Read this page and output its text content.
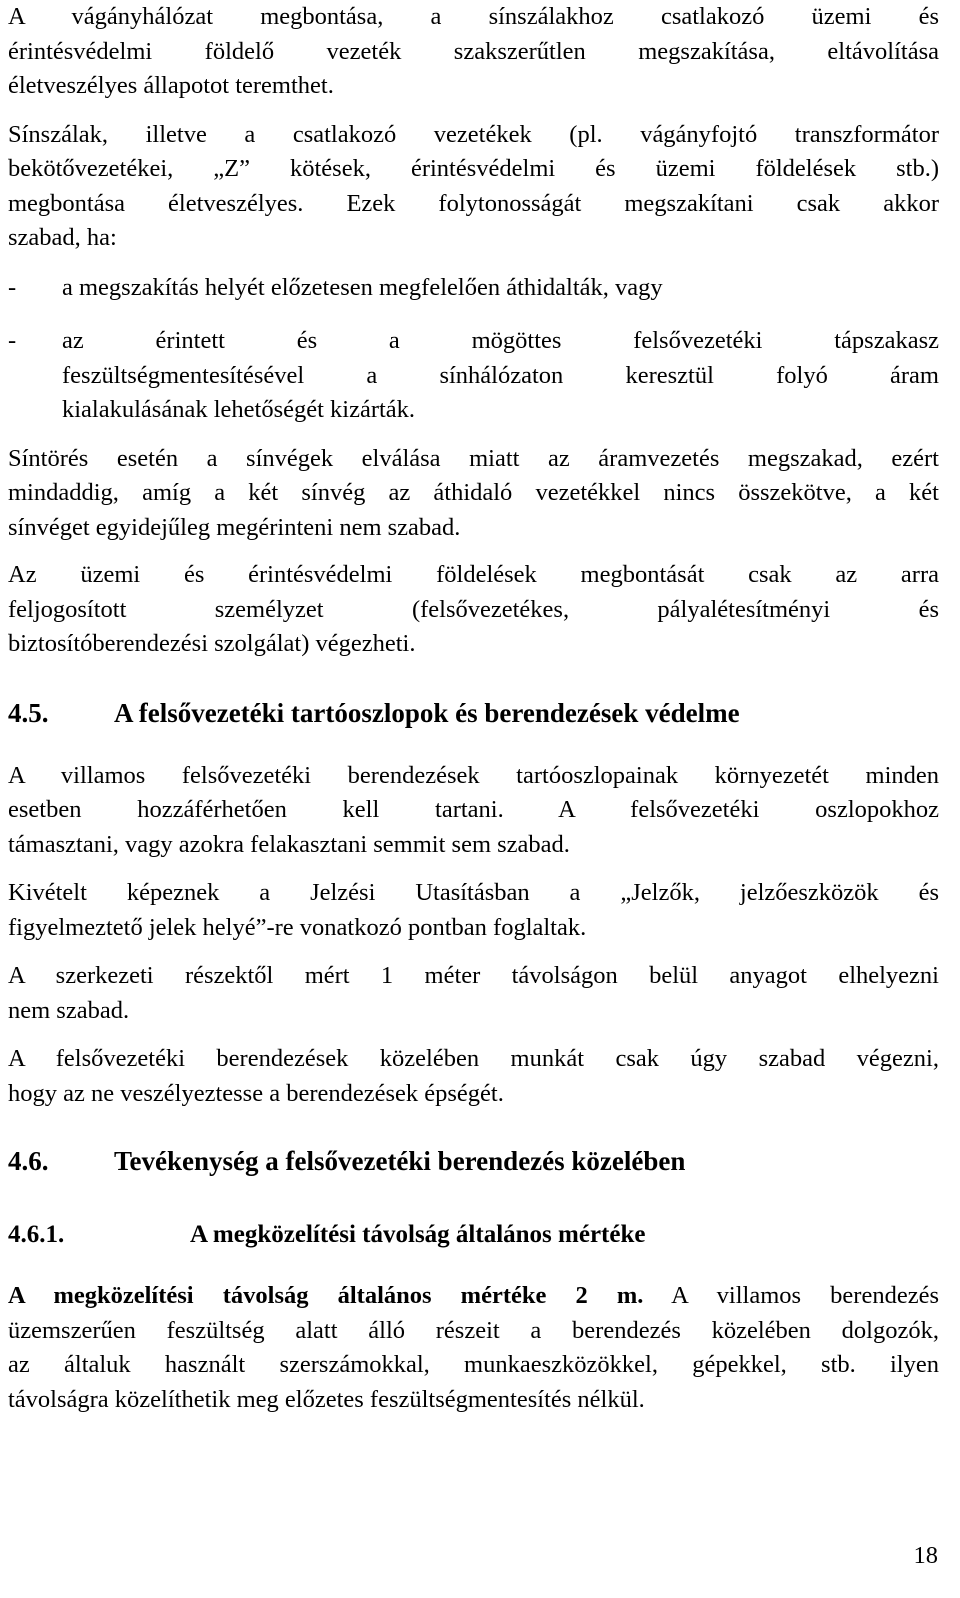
A vágányhálózat megbontása, a sínszálakhoz csatlakozó üzemi és
érintésvédelmi földelő vezeték szakszerűtlen megszakítása, eltávolítása
életveszélyes állapotot teremthet.

Sínszálak, illetve a csatlakozó vezetékek (pl. vágányfojtó transzformátor
bekötővezetékei, „Z” kötések, érintésvédelmi és üzemi földelések stb.)
megbontása életveszélyes. Ezek folytonosságát megszakítani csak akkor
szabad, ha:

-	a megszakítás helyét előzetesen megfelelően áthidalták, vagy
-	az érintett és a mögöttes felsővezetéki tápszakasz
feszültségmentesítésével a sínhálózaton keresztül folyó áram
kialakulásának lehetőségét kizárták.

Síntörés esetén a sínvégek elválása miatt az áramvezetés megszakad, ezért
mindaddig, amíg a két sínvég az áthidaló vezetékkel nincs összekötve, a két
sínvéget egyidejűleg megérinteni nem szabad.

Az üzemi és érintésvédelmi földelések megbontását csak az arra
feljogosított személyzet (felsővezetékes, pályalétesítményi és
biztosítóberendezési szolgálat) végezheti.

4.5.	A felsővezetéki tartóoszlopok és berendezések védelme

A villamos felsővezetéki berendezések tartóoszlopainak környezetét minden
esetben hozzáférhetően kell tartani. A felsővezetéki oszlopokhoz
támasztani, vagy azokra felakasztani semmit sem szabad.

Kivételt képeznek a Jelzési Utasításban a „Jelzők, jelzőeszközök és
figyelmeztető jelek helyé”-re vonatkozó pontban foglaltak.

A szerkezeti részektől mért 1 méter távolságon belül anyagot elhelyezni
nem szabad.

A felsővezetéki berendezések közelében munkát csak úgy szabad végezni,
hogy az ne veszélyeztesse a berendezések épségét.

4.6.	Tevékenység a felsővezetéki berendezés közelében
4.6.1.	A megközelítési távolság általános mértéke

A megközelítési távolság általános mértéke 2 m. A villamos berendezés
üzemszerűen feszültség alatt álló részeit a berendezés közelében dolgozók,
az általuk használt szerszámokkal, munkaeszközökkel, gépekkel, stb. ilyen
távolságra közelíthetik meg előzetes feszültségmentesítés nélkül.

18
